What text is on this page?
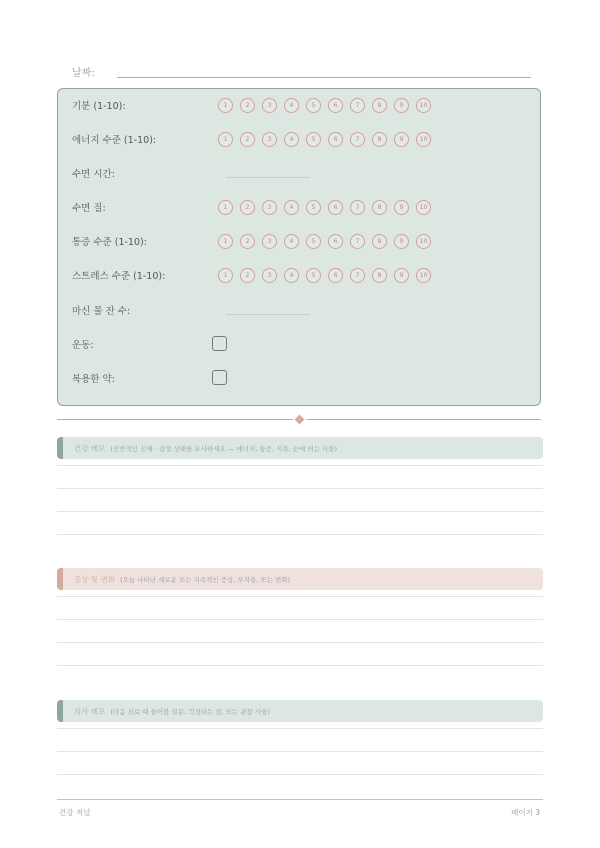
날짜:
기분 (1-10):	1	2	3	4	5	6	7	8	9	10
에너지 수준 (1-10):	1	2	3	4	5	6	7	8	9	10
수면 시간:
수면 질:	1	2	3	4	5	6	7	8	9	10
통증 수준 (1-10):	1	2	3	4	5	6	7	8	9	10
스트레스 수준 (1-10):	1	2	3	4	5	6	7	8	9	10
마신 물 잔 수:
운동:
복용한 약:
건강 메모 (전반적인 신체 · 감정 상태를 묘사하세요 — 에너지, 통증, 식욕, 눈에 띄는 사항)
증상 및 변화 (오늘 나타난 새로운 또는 지속적인 증상, 부작용, 또는 변화)
의사 메모 (다음 진료 때 물어볼 질문, 걱정되는 점, 또는 관찰 사항)
건강 저널	페이지 3
